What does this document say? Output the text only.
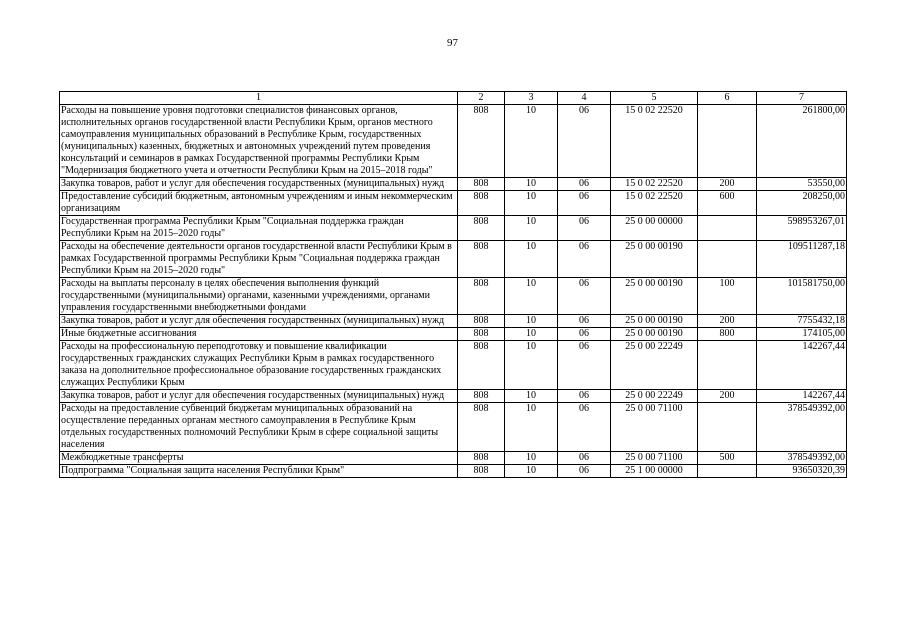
97
1	2	3	4	5	6	7
Расходы на повышение уровня подготовки специалистов финансовых органов, исполнительных органов государственной власти Республики Крым, органов местного самоуправления муниципальных образований в Республике Крым, государственных (муниципальных) казенных, бюджетных и автономных учреждений путем проведения консультаций и семинаров в рамках Государственной программы Республики Крым "Модернизация бюджетного учета и отчетности Республики Крым на 2015–2018 годы"	808	10	06	15 0 02 22520		261800,00
Закупка товаров, работ и услуг для обеспечения государственных (муниципальных) нужд	808	10	06	15 0 02 22520	200	53550,00
Предоставление субсидий бюджетным, автономным учреждениям и иным некоммерческим организациям	808	10	06	15 0 02 22520	600	208250,00
Государственная программа Республики Крым "Социальная поддержка граждан Республики Крым на 2015–2020 годы"	808	10	06	25 0 00 00000		598953267,01
Расходы на обеспечение деятельности органов государственной власти Республики Крым в рамках Государственной программы Республики Крым "Социальная поддержка граждан Республики Крым на 2015–2020 годы"	808	10	06	25 0 00 00190		109511287,18
Расходы на выплаты персоналу в целях обеспечения выполнения функций государственными (муниципальными) органами, казенными учреждениями, органами управления государственными внебюджетными фондами	808	10	06	25 0 00 00190	100	101581750,00
Закупка товаров, работ и услуг для обеспечения государственных (муниципальных) нужд	808	10	06	25 0 00 00190	200	7755432,18
Иные бюджетные ассигнования	808	10	06	25 0 00 00190	800	174105,00
Расходы на профессиональную переподготовку и повышение квалификации государственных гражданских служащих Республики Крым в рамках государственного заказа на дополнительное профессиональное образование государственных гражданских служащих Республики Крым	808	10	06	25 0 00 22249		142267,44
Закупка товаров, работ и услуг для обеспечения государственных (муниципальных) нужд	808	10	06	25 0 00 22249	200	142267,44
Расходы на предоставление субвенций бюджетам муниципальных образований на осуществление переданных органам местного самоуправления в Республике Крым отдельных государственных полномочий Республики Крым в сфере социальной защиты населения	808	10	06	25 0 00 71100		378549392,00
Межбюджетные трансферты	808	10	06	25 0 00 71100	500	378549392,00
Подпрограмма "Социальная защита населения Республики Крым"	808	10	06	25 1 00 00000		93650320,39
